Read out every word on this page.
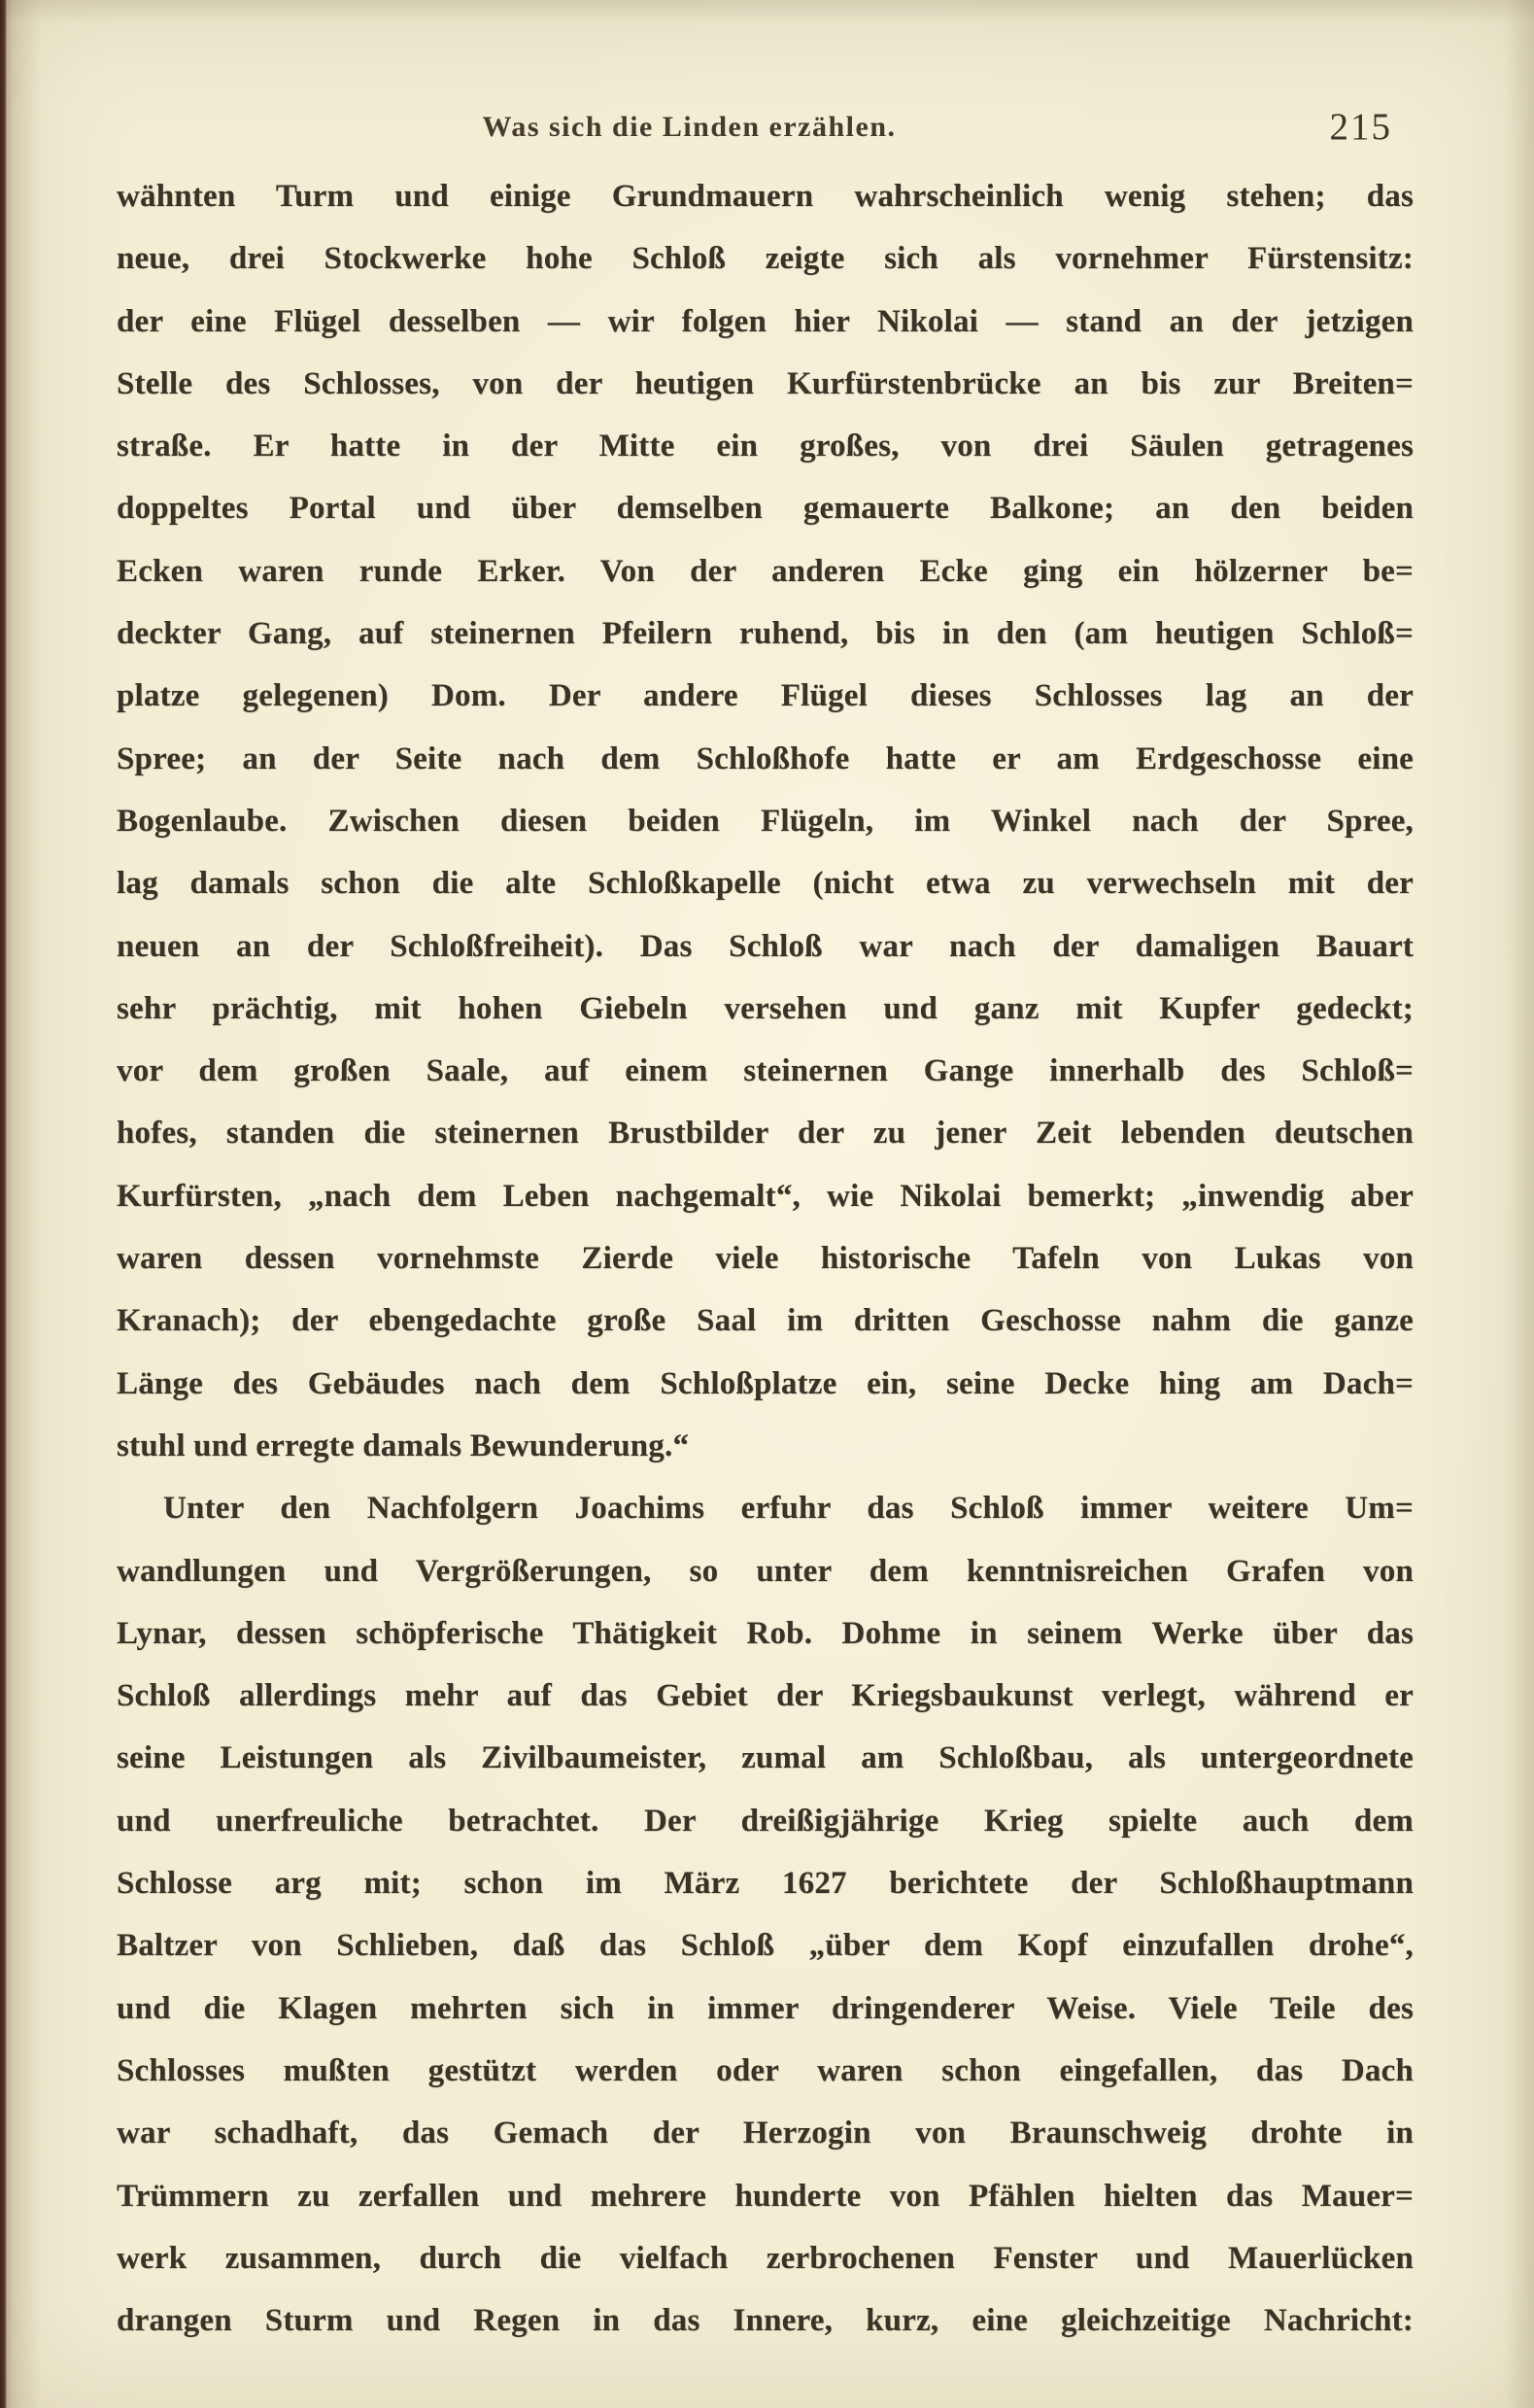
Was sich die Linden erzählen.	215
wähnten Turm und einige Grundmauern wahrscheinlich wenig stehen; das
neue, drei Stockwerke hohe Schloß zeigte sich als vornehmer Fürstensitz:
der eine Flügel desselben — wir folgen hier Nikolai — stand an der jetzigen
Stelle des Schlosses, von der heutigen Kurfürstenbrücke an bis zur Breiten=
straße. Er hatte in der Mitte ein großes, von drei Säulen getragenes
doppeltes Portal und über demselben gemauerte Balkone; an den beiden
Ecken waren runde Erker. Von der anderen Ecke ging ein hölzerner be=
deckter Gang, auf steinernen Pfeilern ruhend, bis in den (am heutigen Schloß=
platze gelegenen) Dom. Der andere Flügel dieses Schlosses lag an der
Spree; an der Seite nach dem Schloßhofe hatte er am Erdgeschosse eine
Bogenlaube. Zwischen diesen beiden Flügeln, im Winkel nach der Spree,
lag damals schon die alte Schloßkapelle (nicht etwa zu verwechseln mit der
neuen an der Schloßfreiheit). Das Schloß war nach der damaligen Bauart
sehr prächtig, mit hohen Giebeln versehen und ganz mit Kupfer gedeckt;
vor dem großen Saale, auf einem steinernen Gange innerhalb des Schloß=
hofes, standen die steinernen Brustbilder der zu jener Zeit lebenden deutschen
Kurfürsten, „nach dem Leben nachgemalt“, wie Nikolai bemerkt; „inwendig aber
waren dessen vornehmste Zierde viele historische Tafeln von Lukas von
Kranach); der ebengedachte große Saal im dritten Geschosse nahm die ganze
Länge des Gebäudes nach dem Schloßplatze ein, seine Decke hing am Dach=
stuhl und erregte damals Bewunderung.“
Unter den Nachfolgern Joachims erfuhr das Schloß immer weitere Um=
wandlungen und Vergrößerungen, so unter dem kenntnisreichen Grafen von
Lynar, dessen schöpferische Thätigkeit Rob. Dohme in seinem Werke über das
Schloß allerdings mehr auf das Gebiet der Kriegsbaukunst verlegt, während er
seine Leistungen als Zivilbaumeister, zumal am Schloßbau, als untergeordnete
und unerfreuliche betrachtet. Der dreißigjährige Krieg spielte auch dem
Schlosse arg mit; schon im März 1627 berichtete der Schloßhauptmann
Baltzer von Schlieben, daß das Schloß „über dem Kopf einzufallen drohe“,
und die Klagen mehrten sich in immer dringenderer Weise. Viele Teile des
Schlosses mußten gestützt werden oder waren schon eingefallen, das Dach
war schadhaft, das Gemach der Herzogin von Braunschweig drohte in
Trümmern zu zerfallen und mehrere hunderte von Pfählen hielten das Mauer=
werk zusammen, durch die vielfach zerbrochenen Fenster und Mauerlücken
drangen Sturm und Regen in das Innere, kurz, eine gleichzeitige Nachricht:
